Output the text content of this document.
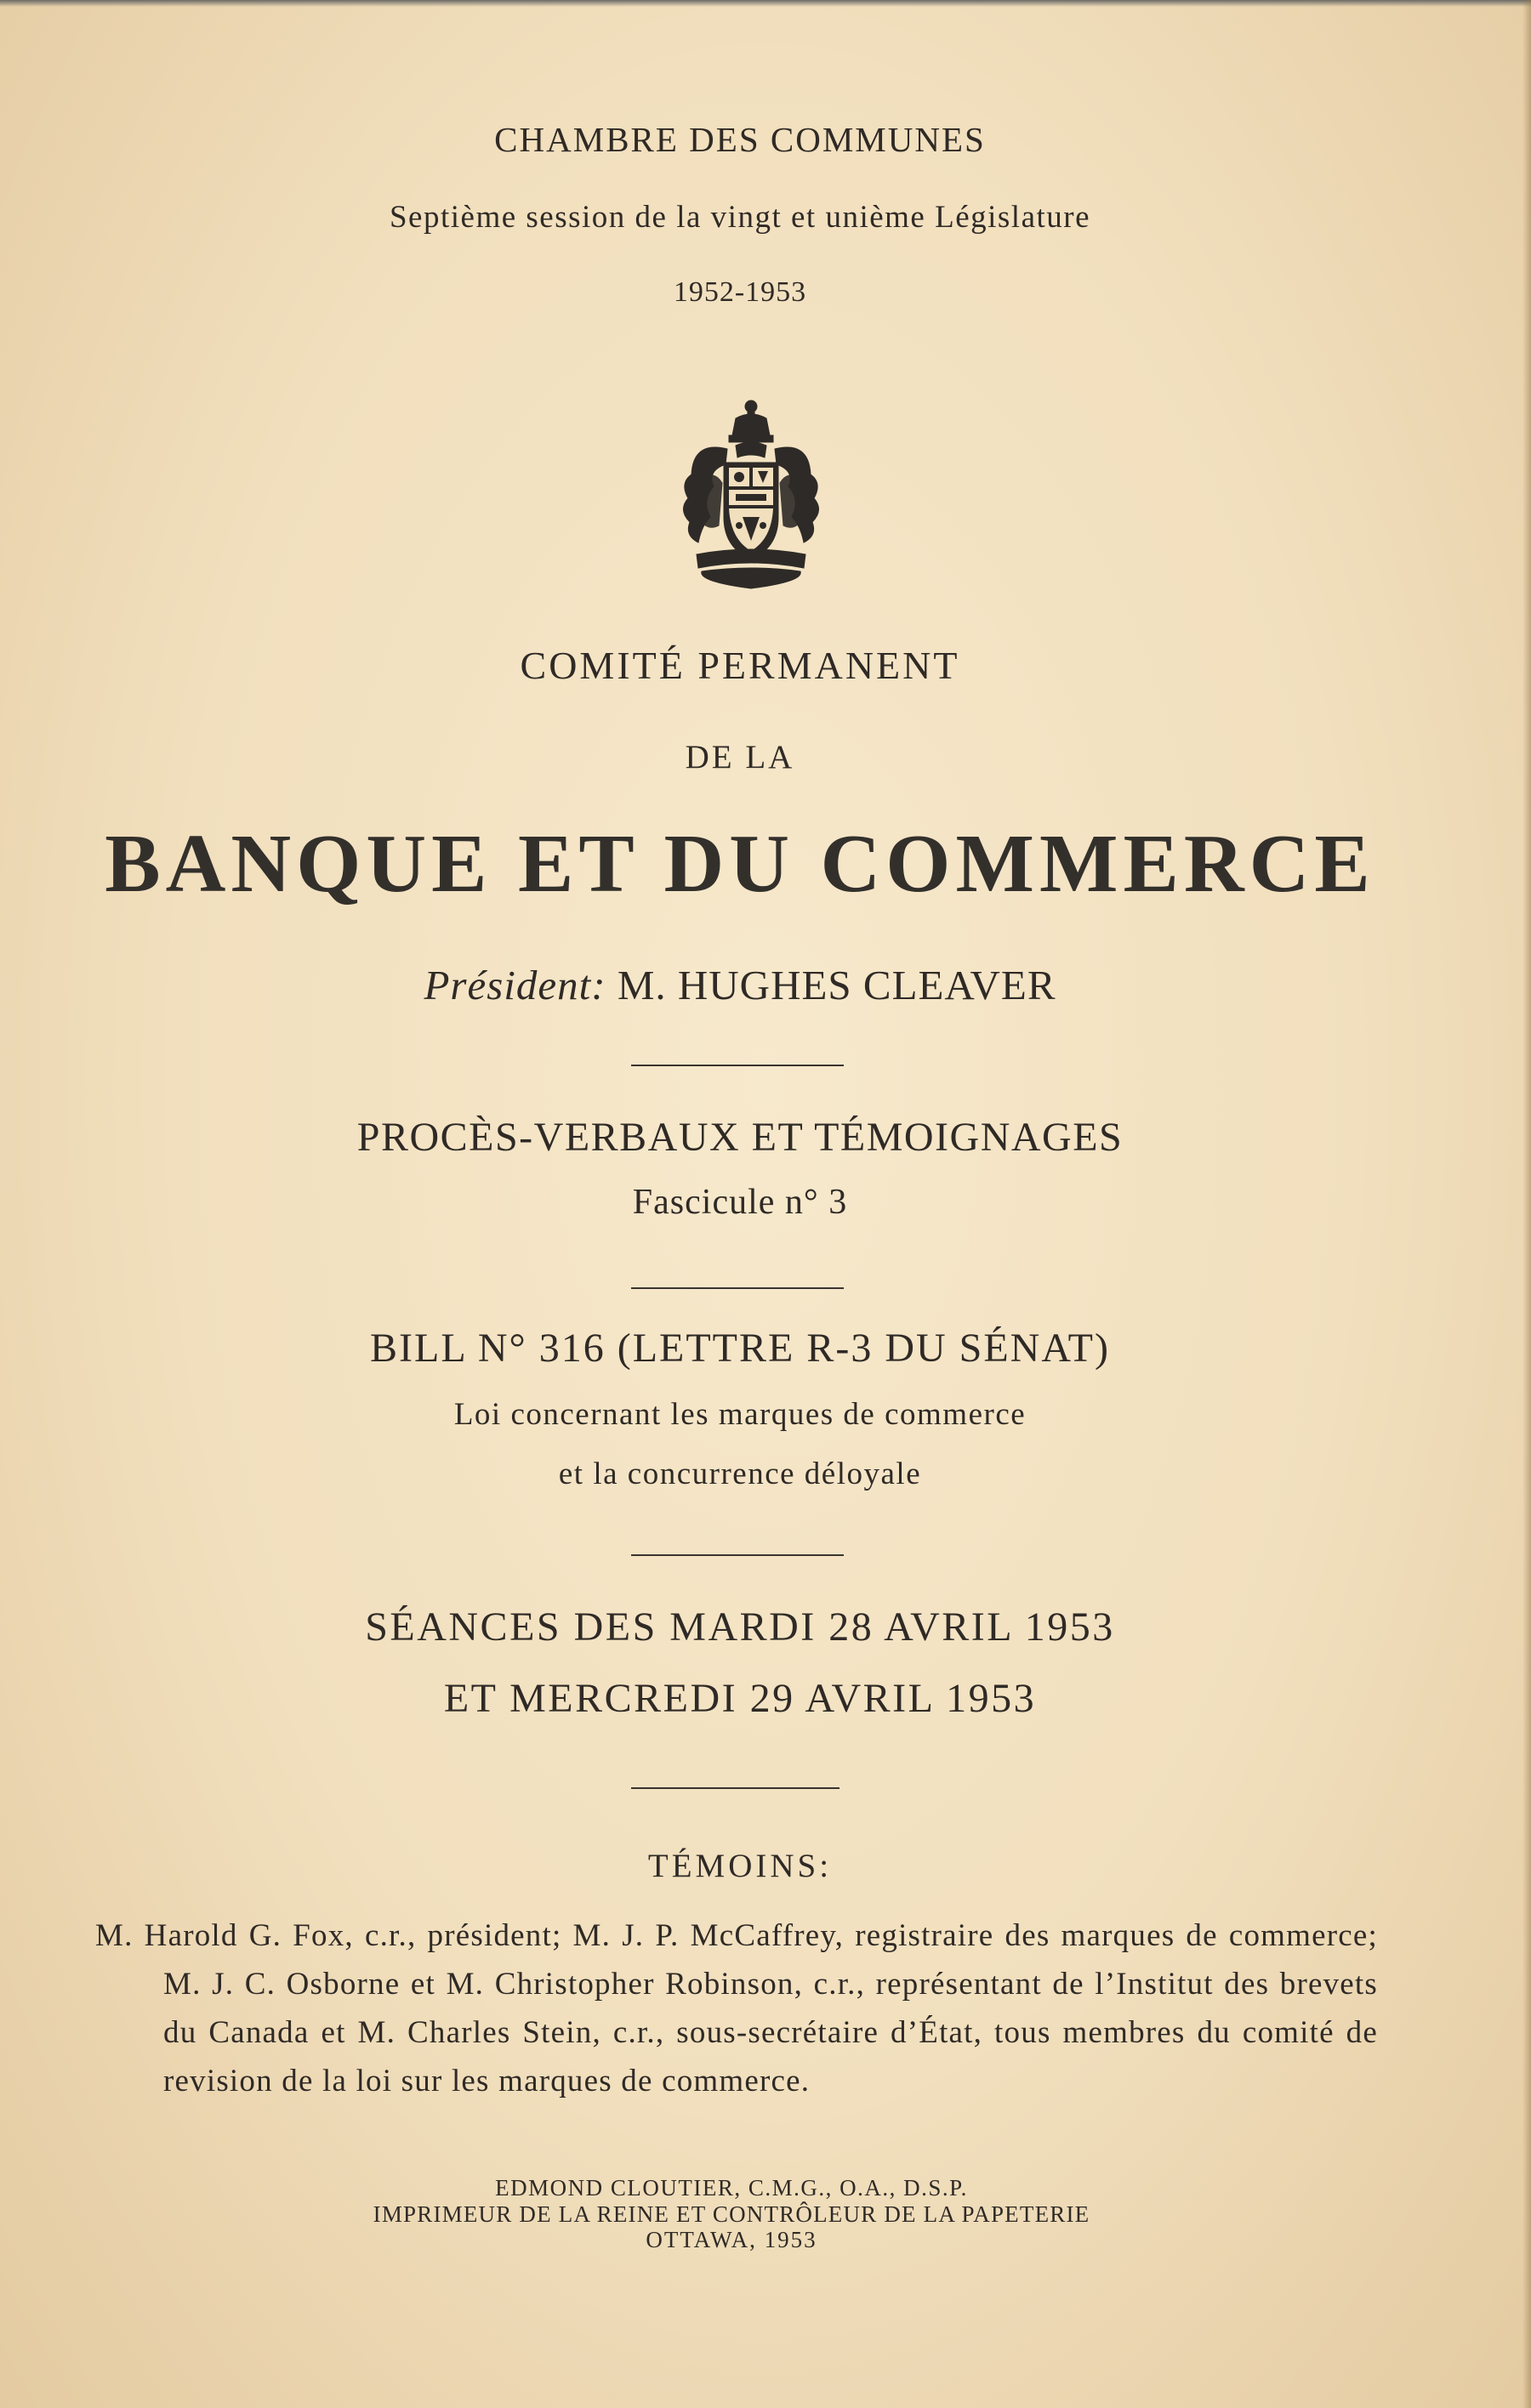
CHAMBRE DES COMMUNES
Septième session de la vingt et unième Législature
1952-1953
COMITÉ PERMANENT
DE LA
BANQUE ET DU COMMERCE
Président: M. HUGHES CLEAVER
PROCÈS-VERBAUX ET TÉMOIGNAGES
Fascicule n° 3
BILL N° 316 (LETTRE R-3 DU SÉNAT)
Loi concernant les marques de commerce
et la concurrence déloyale
SÉANCES DES MARDI 28 AVRIL 1953
ET MERCREDI 29 AVRIL 1953
TÉMOINS:
M. Harold G. Fox, c.r., président; M. J. P. McCaffrey, registraire des marques de commerce; M. J. C. Osborne et M. Christopher Robinson, c.r., représentant de l’Institut des brevets du Canada et M. Charles Stein, c.r., sous-secrétaire d’État, tous membres du comité de revision de la loi sur les marques de commerce.
EDMOND CLOUTIER, C.M.G., O.A., D.S.P.
IMPRIMEUR DE LA REINE ET CONTRÔLEUR DE LA PAPETERIE
OTTAWA, 1953
